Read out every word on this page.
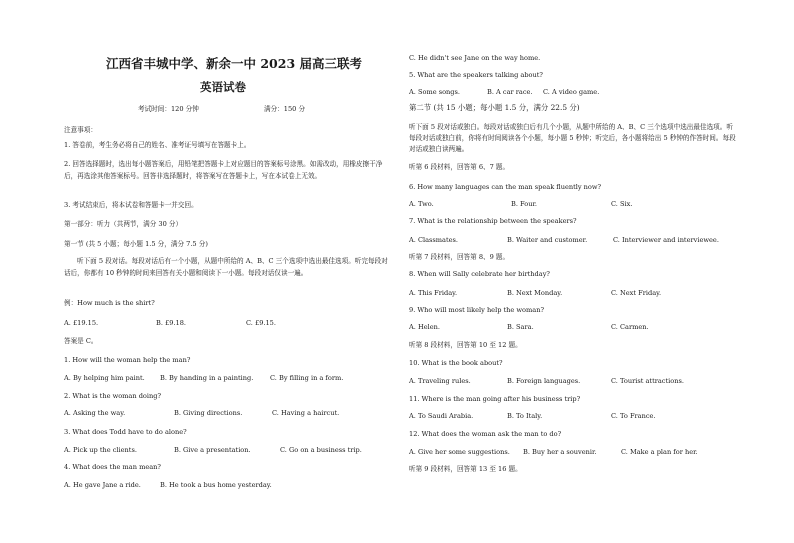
江西省丰城中学、新余一中 2023 届高三联考
英语试卷
考试时间：120 分钟	满分：150 分
注意事项：
1. 答卷前，考生务必将自己的姓名、准考证号填写在答题卡上。
2. 回答选择题时，选出每小题答案后，用铅笔把答题卡上对应题目的答案标号涂黑。如需改动，用橡皮擦干净后，再选涂其他答案标号。回答非选择题时，将答案写在答题卡上，写在本试卷上无效。
3. 考试结束后，将本试卷和答题卡一并交回。
第一部分：听力（共两节，满分 30 分）
第一节 (共 5 小题；每小题 1.5 分，满分 7.5 分)
听下面 5 段对话。每段对话后有一个小题，从题中所给的 A、B、C 三个选项中选出最佳选项。听完每段对话后，你都有 10 秒钟的时间来回答有关小题和阅读下一小题。每段对话仅读一遍。
例：How much is the shirt?
A. £19.15.	B. £9.18.	C. £9.15.
答案是 C。
1. How will the woman help the man?
A. By helping him paint. B. By handing in a painting.	C. By filling in a form.
2. What is the woman doing?
A. Asking the way.	B. Giving directions.	C. Having a haircut.
3. What does Todd have to do alone?
A. Pick up the clients.	B. Give a presentation.	C. Go on a business trip.
4. What does the man mean?
A. He gave Jane a ride.	B. He took a bus home yesterday.
C. He didn't see Jane on the way home.
5. What are the speakers talking about?
A. Some songs.	B. A car race. C. A video game.
第二节 (共 15 小题；每小题 1.5 分，满分 22.5 分)
听下面 5 段对话或独白。每段对话或独白后有几个小题，从题中所给的 A、B、C 三个选项中选出最佳选项。听每段对话或独白前，你将有时间阅读各个小题，每小题 5 秒钟；听完后，各小题将给出 5 秒钟的作答时间。每段对话或独白读两遍。
听第 6 段材料，回答第 6、7 题。
6. How many languages can the man speak fluently now?
A. Two.	B. Four.	C. Six.
7. What is the relationship between the speakers?
A. Classmates.	B. Waiter and customer.	C. Interviewer and interviewee.
听第 7 段材料，回答第 8、9 题。
8. When will Sally celebrate her birthday?
A. This Friday.	B. Next Monday.	C. Next Friday.
9. Who will most likely help the woman?
A. Helen.	B. Sara.	C. Carmen.
听第 8 段材料，回答第 10 至 12 题。
10. What is the book about?
A. Traveling rules.	B. Foreign languages.	C. Tourist attractions.
11. Where is the man going after his business trip?
A. To Saudi Arabia.	B. To Italy.	C. To France.
12. What does the woman ask the man to do?
A. Give her some suggestions. B. Buy her a souvenir.	C. Make a plan for her.
听第 9 段材料，回答第 13 至 16 题。
